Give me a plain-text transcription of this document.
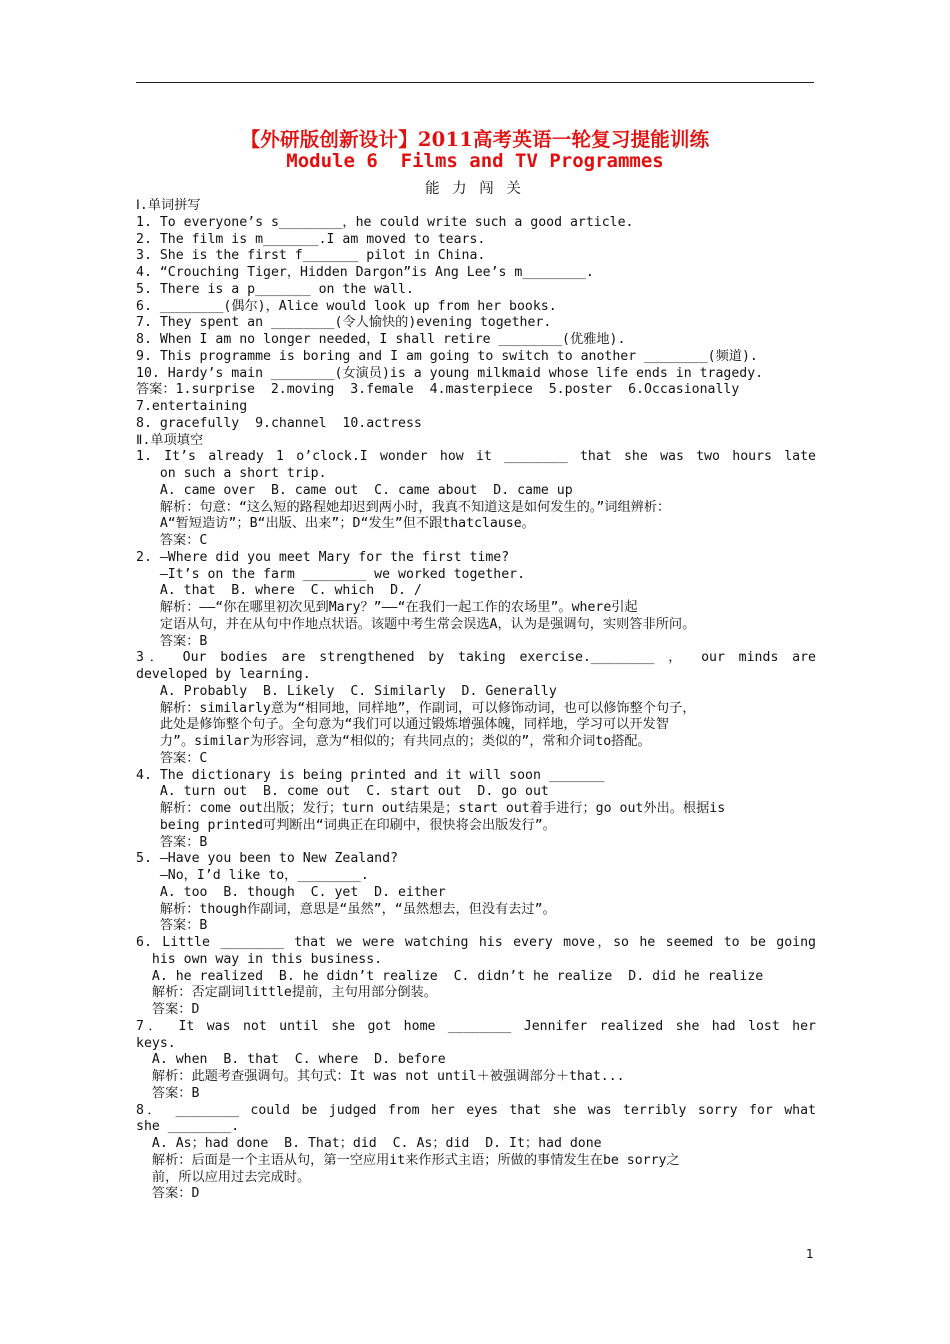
【外研版创新设计】2011高考英语一轮复习提能训练
Module 6  Films and TV Programmes
能 力 闯 关
Ⅰ.单词拼写
1. To everyone’s s________，he could write such a good article.
2. The film is m_______.I am moved to tears.
3. She is the first f_______ pilot in China.
4. “Crouching Tiger，Hidden Dargon”is Ang Lee’s m________.
5. There is a p_______ on the wall.
6. ________(偶尔)，Alice would look up from her books.
7. They spent an ________(令人愉快的)evening together.
8. When I am no longer needed，I shall retire ________(优雅地).
9. This programme is boring and I am going to switch to another ________(频道).
10. Hardy’s main ________(女演员)is a young milkmaid whose life ends in tragedy.
答案：1.surprise  2.moving  3.female  4.masterpiece  5.poster  6.Occasionally
7.entertaining
8. gracefully  9.channel  10.actress
Ⅱ.单项填空
1. It’s already 1 o’clock.I wonder how it ________ that she was two hours late
on such a short trip.
A. came over  B. came out  C. came about  D. came up
解析：句意：“这么短的路程她却迟到两小时，我真不知道这是如何发生的。”词组辨析：
A“暂短造访”；B“出版、出来”；D“发生”但不跟thatclause。
答案：C
2. —Where did you meet Mary for the first time?
—It’s on the farm ________ we worked together.
A. that  B. where  C. which  D. /
解析：——“你在哪里初次见到Mary？”——“在我们一起工作的农场里”。where引起
定语从句，并在从句中作地点状语。该题中考生常会误选A，认为是强调句，实则答非所问。
答案：B
3． Our bodies are strengthened by taking exercise.________ ， our minds are
developed by learning.
A. Probably  B. Likely  C. Similarly  D. Generally
解析：similarly意为“相同地，同样地”，作副词，可以修饰动词，也可以修饰整个句子，
此处是修饰整个句子。全句意为“我们可以通过锻炼增强体魄，同样地，学习可以开发智
力”。similar为形容词，意为“相似的；有共同点的；类似的”，常和介词to搭配。
答案：C
4. The dictionary is being printed and it will soon _______
A. turn out  B. come out  C. start out  D. go out
解析：come out出版；发行；turn out结果是；start out着手进行；go out外出。根据is
being printed可判断出“词典正在印刷中，很快将会出版发行”。
答案：B
5. —Have you been to New Zealand?
—No，I’d like to，________.
A. too  B. though  C. yet  D. either
解析：though作副词，意思是“虽然”，“虽然想去，但没有去过”。
答案：B
6. Little ________ that we were watching his every move，so he seemed to be going
his own way in this business.
A. he realized  B. he didn’t realize  C. didn’t he realize  D. did he realize
解析：否定副词little提前，主句用部分倒装。
答案：D
7． It was not until she got home ________ Jennifer realized she had lost her
keys.
A. when  B. that  C. where  D. before
解析：此题考查强调句。其句式：It was not until＋被强调部分＋that...
答案：B
8． ________ could be judged from her eyes that she was terribly sorry for what
she ________.
A. As；had done  B. That；did  C. As；did  D. It；had done
解析：后面是一个主语从句，第一空应用it来作形式主语；所做的事情发生在be sorry之
前，所以应用过去完成时。
答案：D
1
